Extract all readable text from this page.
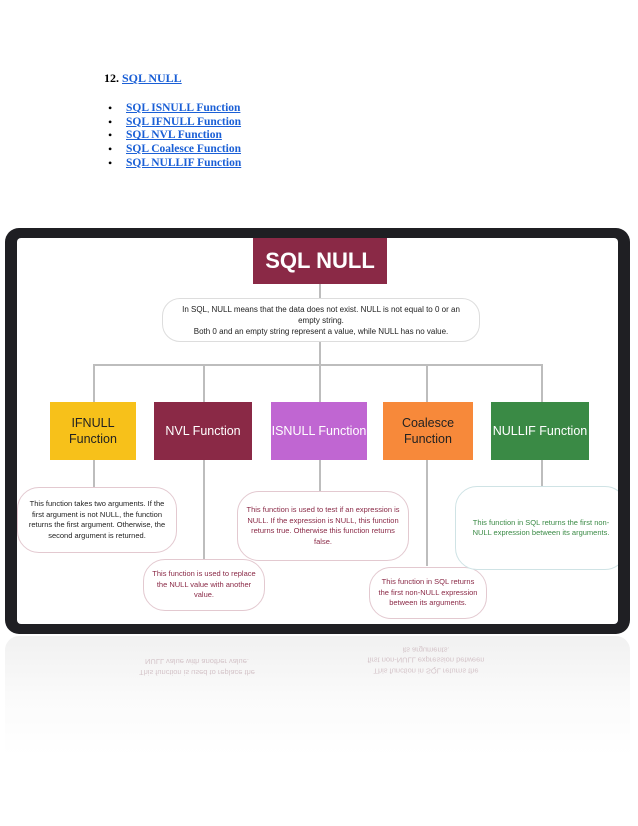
12. SQL NULL
• SQL ISNULL Function
• SQL IFNULL Function
• SQL NVL Function
• SQL Coalesce Function
• SQL NULLIF Function
SQL NULL
In SQL, NULL means that the data does not exist. NULL is not equal to 0 or an empty string.
Both 0 and an empty string represent a value, while NULL has no value.
IFNULL
Function
NVL Function ISNULL Function
Coalesce
Function
NULLIF Function
This function takes two arguments. If the first argument is not NULL, the function returns the first argument. Otherwise, the second argument is returned.
This function is used to replace the NULL value with another value.
This function is used to test if an expression is NULL. If the expression is NULL, this function returns true. Otherwise this function returns false.
This function in SQL returns the first non-NULL expression between its arguments.
This function in SQL returns the first non-NULL expression between its arguments.
This function is used to replace the NULL value with another value.
This function in SQL returns the first non-NULL expression between its arguments.
